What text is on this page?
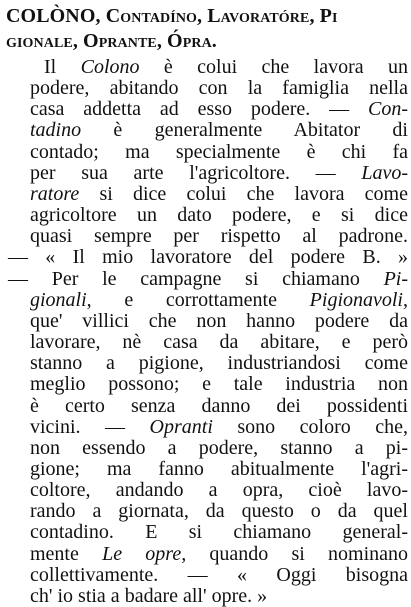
COLÒNO, Contadíno, Lavoratóre, Pi
gionale, Oprante, Ópra.
Il Colono è colui che lavora un
podere, abitando con la famiglia nella
casa addetta ad esso podere. — Con-
tadino è generalmente Abitator di
contado; ma specialmente è chi fa
per sua arte l'agricoltore. — Lavo-
ratore si dice colui che lavora come
agricoltore un dato podere, e si dice
quasi sempre per rispetto al padrone.
— « Il mio lavoratore del podere B. »
— Per le campagne si chiamano Pi-
gionali, e corrottamente Pigionavoli,
que' villici che non hanno podere da
lavorare, nè casa da abitare, e però
stanno a pigione, industriandosi come
meglio possono; e tale industria non
è certo senza danno dei possidenti
vicini. — Opranti sono coloro che,
non essendo a podere, stanno a pi-
gione; ma fanno abitualmente l'agri-
coltore, andando a opra, cioè lavo-
rando a giornata, da questo o da quel
contadino. E si chiamano general-
mente Le opre, quando si nominano
collettivamente. — « Oggi bisogna
ch' io stia a badare all' opre. »
